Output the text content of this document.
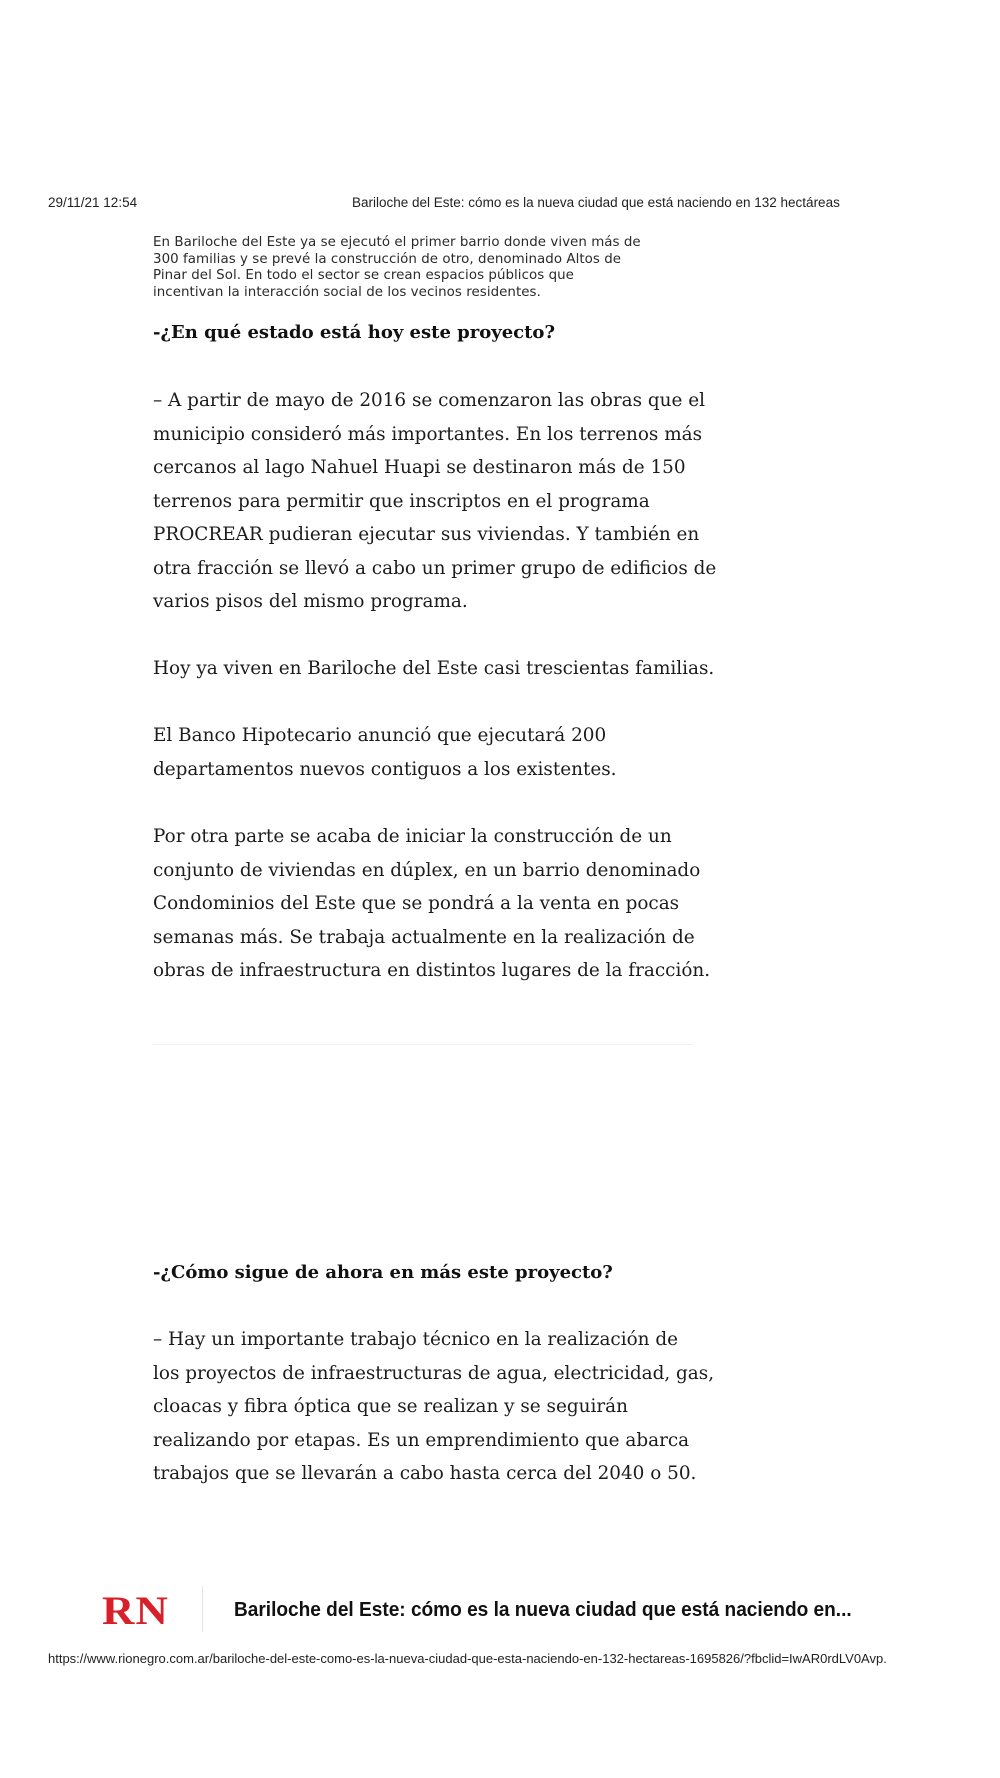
29/11/21 12:54	Bariloche del Este: cómo es la nueva ciudad que está naciendo en 132 hectáreas
En Bariloche del Este ya se ejecutó el primer barrio donde viven más de
300 familias y se prevé la construcción de otro, denominado Altos de
Pinar del Sol. En todo el sector se crean espacios públicos que
incentivan la interacción social de los vecinos residentes.
-¿En qué estado está hoy este proyecto?
– A partir de mayo de 2016 se comenzaron las obras que el
municipio consideró más importantes. En los terrenos más
cercanos al lago Nahuel Huapi se destinaron más de 150
terrenos para permitir que inscriptos en el programa
PROCREAR pudieran ejecutar sus viviendas. Y también en
otra fracción se llevó a cabo un primer grupo de edificios de
varios pisos del mismo programa.
Hoy ya viven en Bariloche del Este casi trescientas familias.
El Banco Hipotecario anunció que ejecutará 200
departamentos nuevos contiguos a los existentes.
Por otra parte se acaba de iniciar la construcción de un
conjunto de viviendas en dúplex, en un barrio denominado
Condominios del Este que se pondrá a la venta en pocas
semanas más. Se trabaja actualmente en la realización de
obras de infraestructura en distintos lugares de la fracción.
-¿Cómo sigue de ahora en más este proyecto?
– Hay un importante trabajo técnico en la realización de
los proyectos de infraestructuras de agua, electricidad, gas,
cloacas y fibra óptica que se realizan y se seguirán
realizando por etapas. Es un emprendimiento que abarca
trabajos que se llevarán a cabo hasta cerca del 2040 o 50.
RN	Bariloche del Este: cómo es la nueva ciudad que está naciendo en...
https://www.rionegro.com.ar/bariloche-del-este-como-es-la-nueva-ciudad-que-esta-naciendo-en-132-hectareas-1695826/?fbclid=IwAR0rdLV0Avp.
